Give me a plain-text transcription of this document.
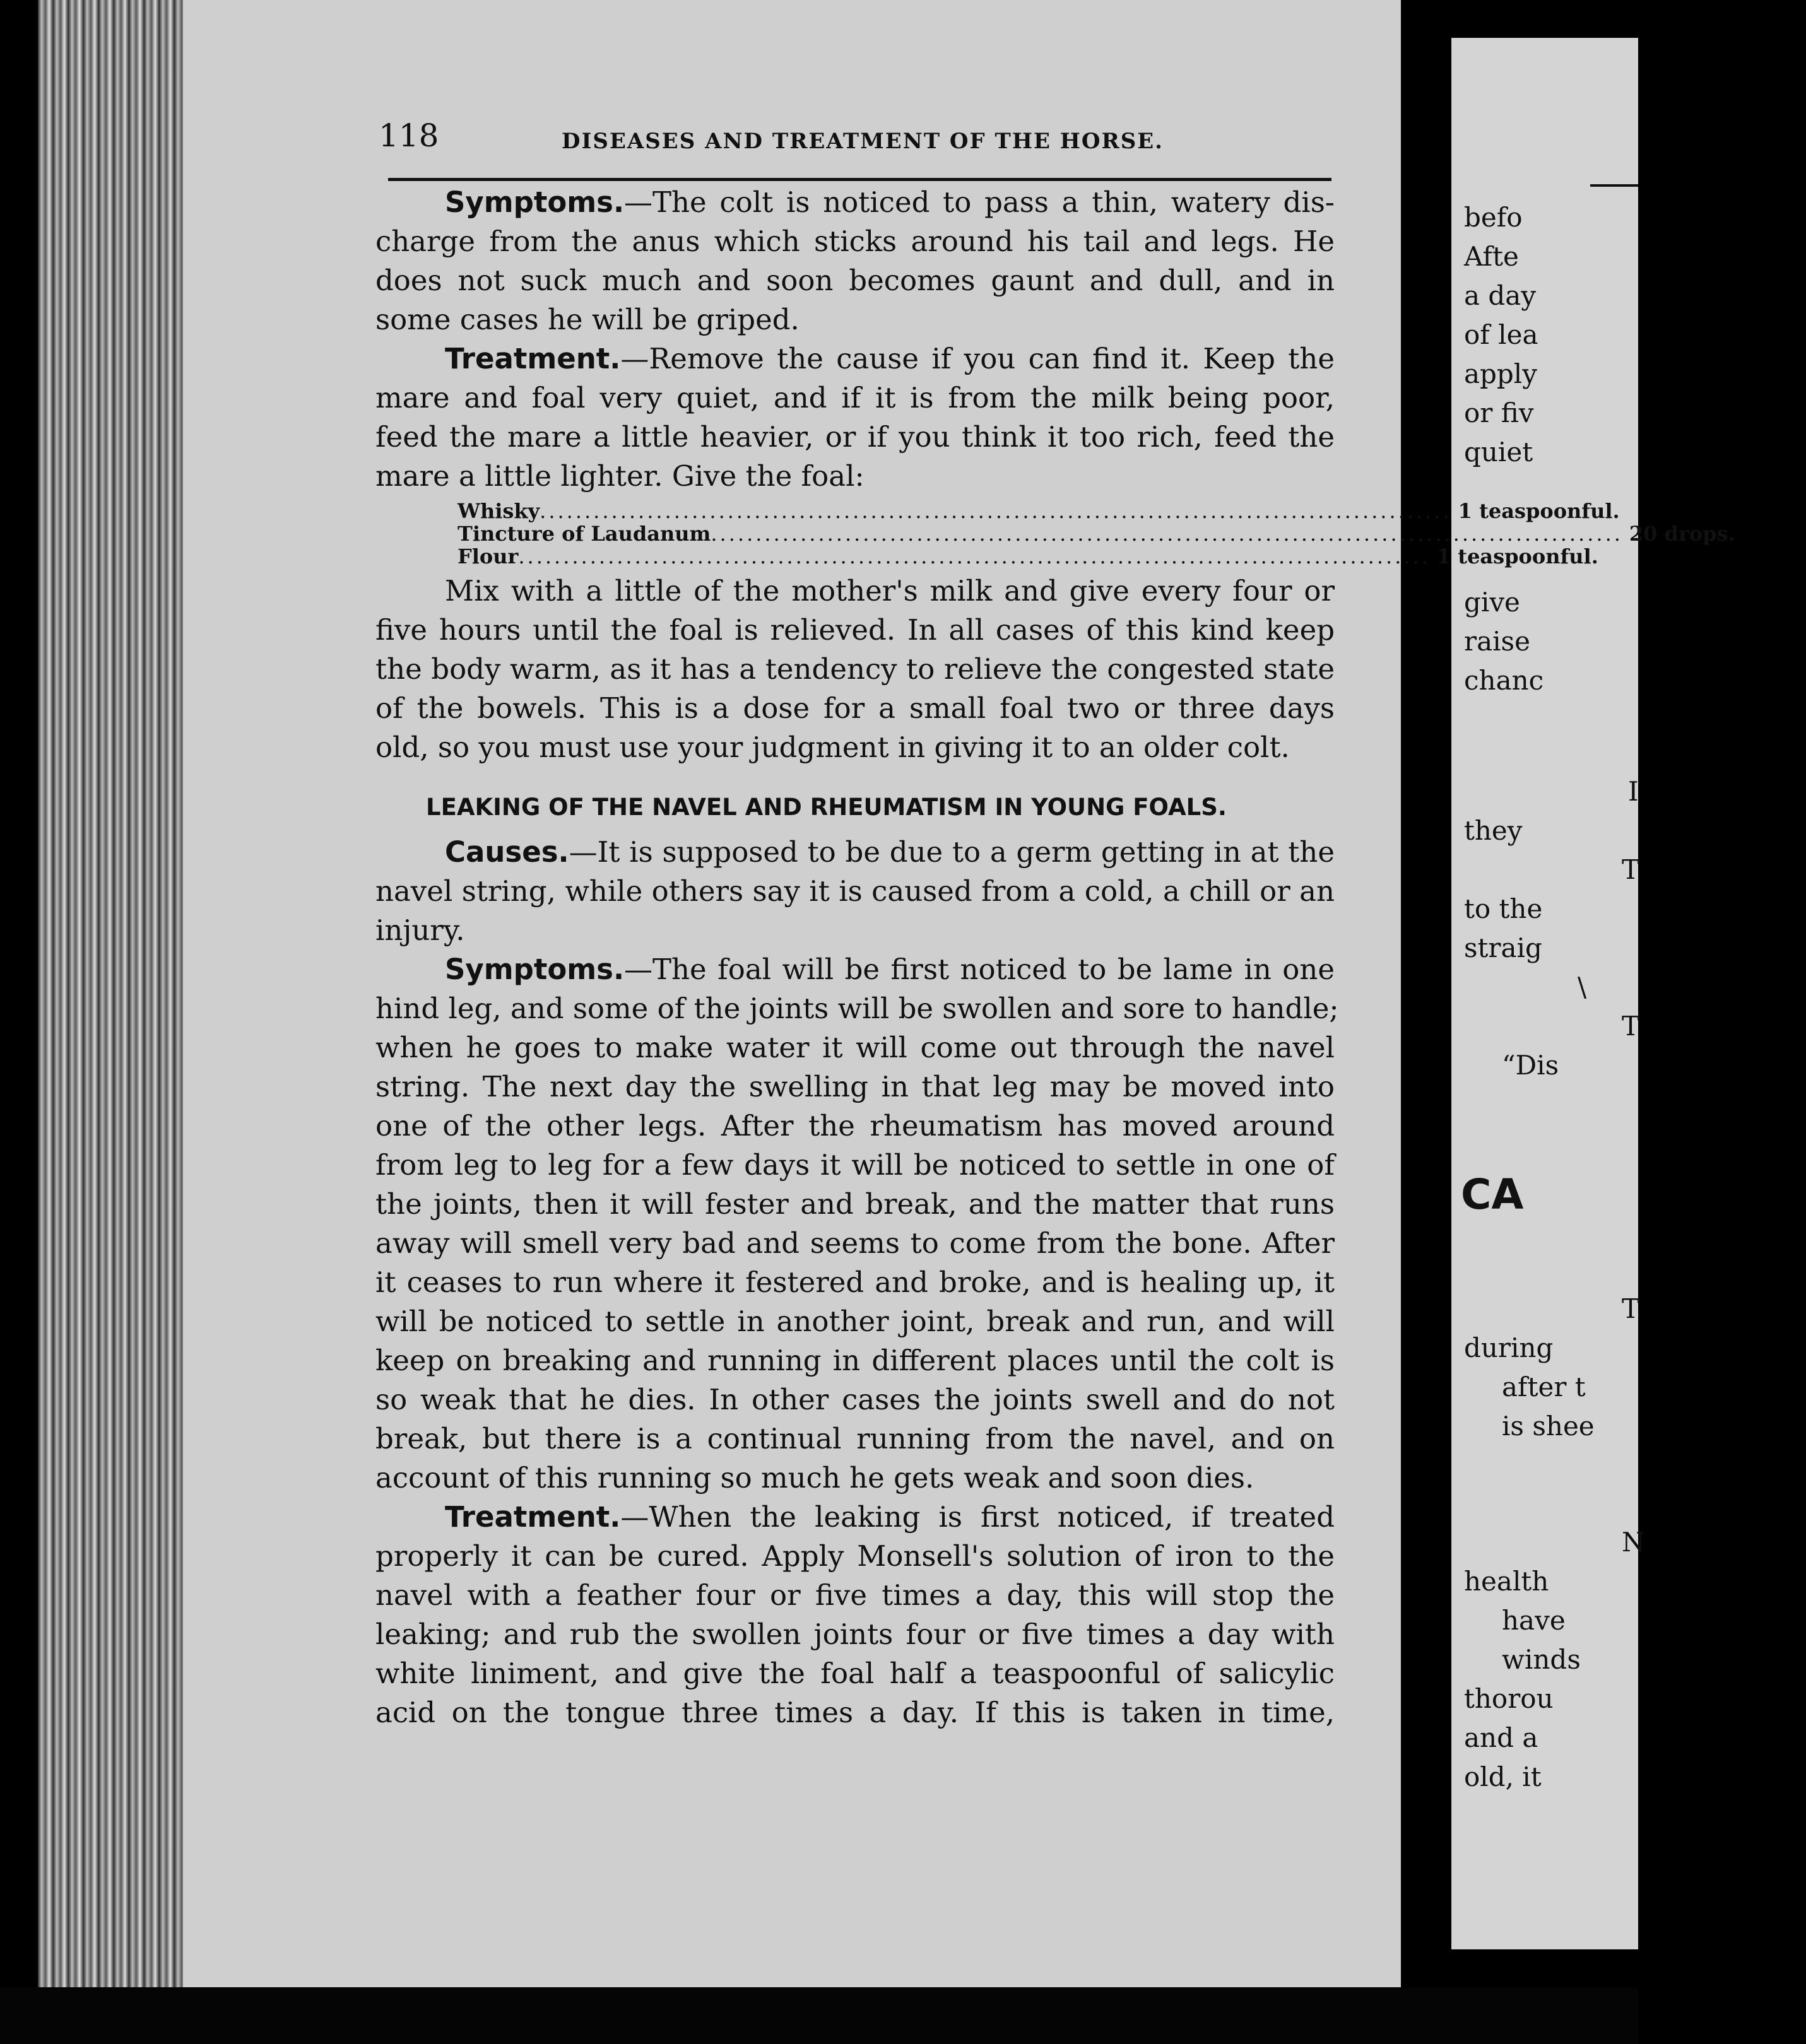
118	DISEASES AND TREATMENT OF THE HORSE.
Symptoms.—The colt is noticed to pass a thin, watery dis-
charge from the anus which sticks around his tail and legs. He
does not suck much and soon becomes gaunt and dull, and in
some cases he will be griped.
Treatment.—Remove the cause if you can find it. Keep the
mare and foal very quiet, and if it is from the milk being poor,
feed the mare a little heavier, or if you think it too rich, feed the
mare a little lighter. Give the foal:
Whisky ...................................................................................................... 1 teaspoonful.
Tincture of Laudanum ...................................................................................................... 20 drops.
Flour ...................................................................................................... 1 teaspoonful.
Mix with a little of the mother's milk and give every four or
five hours until the foal is relieved. In all cases of this kind keep
the body warm, as it has a tendency to relieve the congested state
of the bowels. This is a dose for a small foal two or three days
old, so you must use your judgment in giving it to an older colt.
LEAKING OF THE NAVEL AND RHEUMATISM IN YOUNG FOALS.
Causes.—It is supposed to be due to a germ getting in at the
navel string, while others say it is caused from a cold, a chill or an
injury.
Symptoms.—The foal will be first noticed to be lame in one
hind leg, and some of the joints will be swollen and sore to handle;
when he goes to make water it will come out through the navel
string. The next day the swelling in that leg may be moved into
one of the other legs. After the rheumatism has moved around
from leg to leg for a few days it will be noticed to settle in one of
the joints, then it will fester and break, and the matter that runs
away will smell very bad and seems to come from the bone. After
it ceases to run where it festered and broke, and is healing up, it
will be noticed to settle in another joint, break and run, and will
keep on breaking and running in different places until the colt is
so weak that he dies. In other cases the joints swell and do not
break, but there is a continual running from the navel, and on
account of this running so much he gets weak and soon dies.
Treatment.—When the leaking is first noticed, if treated
properly it can be cured. Apply Monsell's solution of iron to the
navel with a feather four or five times a day, this will stop the
leaking; and rub the swollen joints four or five times a day with
white liniment, and give the foal half a teaspoonful of salicylic
acid on the tongue three times a day. If this is taken in time,
befo
Afte
a day
of lea
apply
or fiv
quiet
give
raise
chanc
I
they
T
to the
straig
\
T
“Dis
CA
T
during
after t
is shee
N
health
have
winds
thorou
and a
old, it
